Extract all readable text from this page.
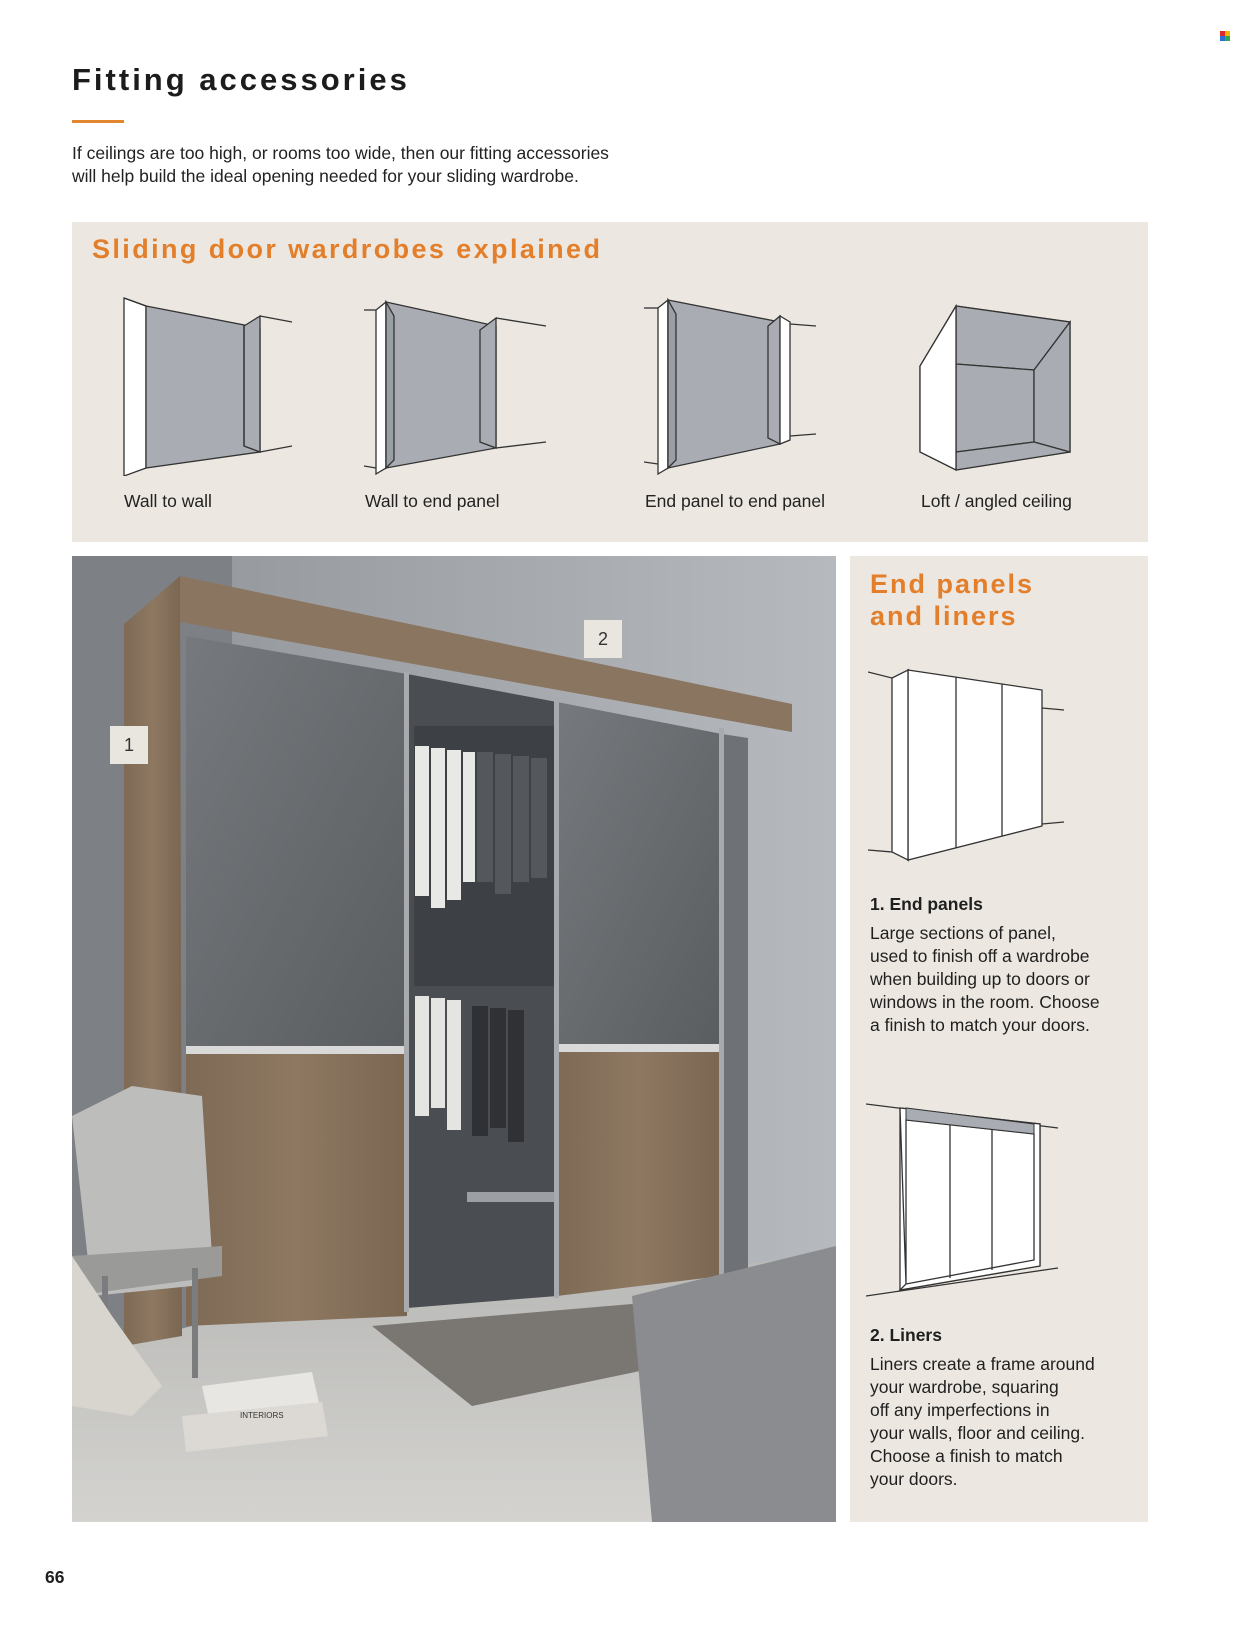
Fitting accessories

If ceilings are too high, or rooms too wide, then our fitting accessories
will help build the ideal opening needed for your sliding wardrobe.

Sliding door wardrobes explained
Wall to wall	Wall to end panel	End panel to end panel	Loft / angled ceiling
INTERIORS
1
2
End panels
and liners

1. End panels

Large sections of panel,
used to finish off a wardrobe
when building up to doors or
windows in the room. Choose
a finish to match your doors.

2. Liners

Liners create a frame around
your wardrobe, squaring
off any imperfections in
your walls, floor and ceiling.
Choose a finish to match
your doors.

66
